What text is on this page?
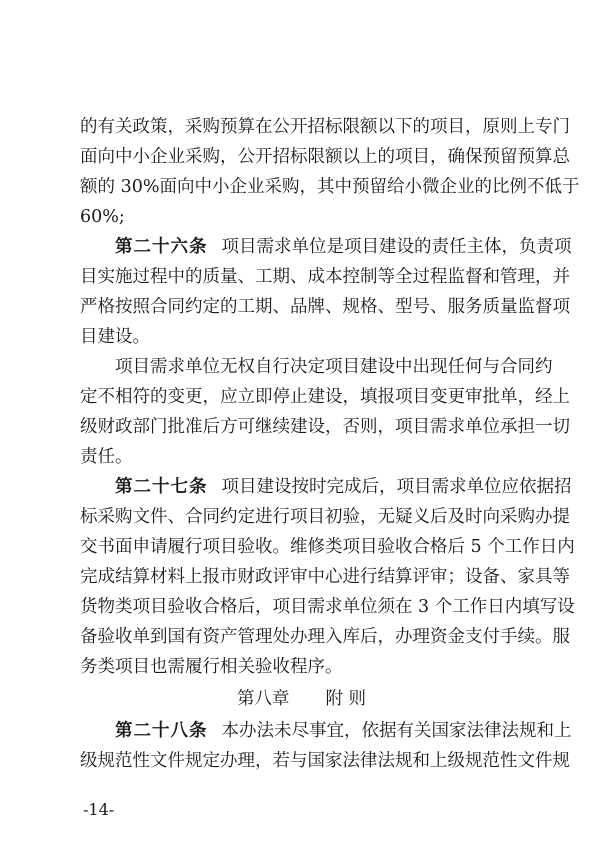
的有关政策，采购预算在公开招标限额以下的项目，原则上专门
面向中小企业采购，公开招标限额以上的项目，确保预留预算总
额的 30%面向中小企业采购，其中预留给小微企业的比例不低于
60%;
第二十六条 项目需求单位是项目建设的责任主体，负责项
目实施过程中的质量、工期、成本控制等全过程监督和管理，并
严格按照合同约定的工期、品牌、规格、型号、服务质量监督项
目建设。
项目需求单位无权自行决定项目建设中出现任何与合同约
定不相符的变更，应立即停止建设，填报项目变更审批单，经上
级财政部门批准后方可继续建设，否则，项目需求单位承担一切
责任。
第二十七条 项目建设按时完成后，项目需求单位应依据招
标采购文件、合同约定进行项目初验，无疑义后及时向采购办提
交书面申请履行项目验收。维修类项目验收合格后 5 个工作日内
完成结算材料上报市财政评审中心进行结算评审；设备、家具等
货物类项目验收合格后，项目需求单位须在 3 个工作日内填写设
备验收单到国有资产管理处办理入库后，办理资金支付手续。服
务类项目也需履行相关验收程序。
第八章 附 则
第二十八条 本办法未尽事宜，依据有关国家法律法规和上
级规范性文件规定办理，若与国家法律法规和上级规范性文件规
-14-
